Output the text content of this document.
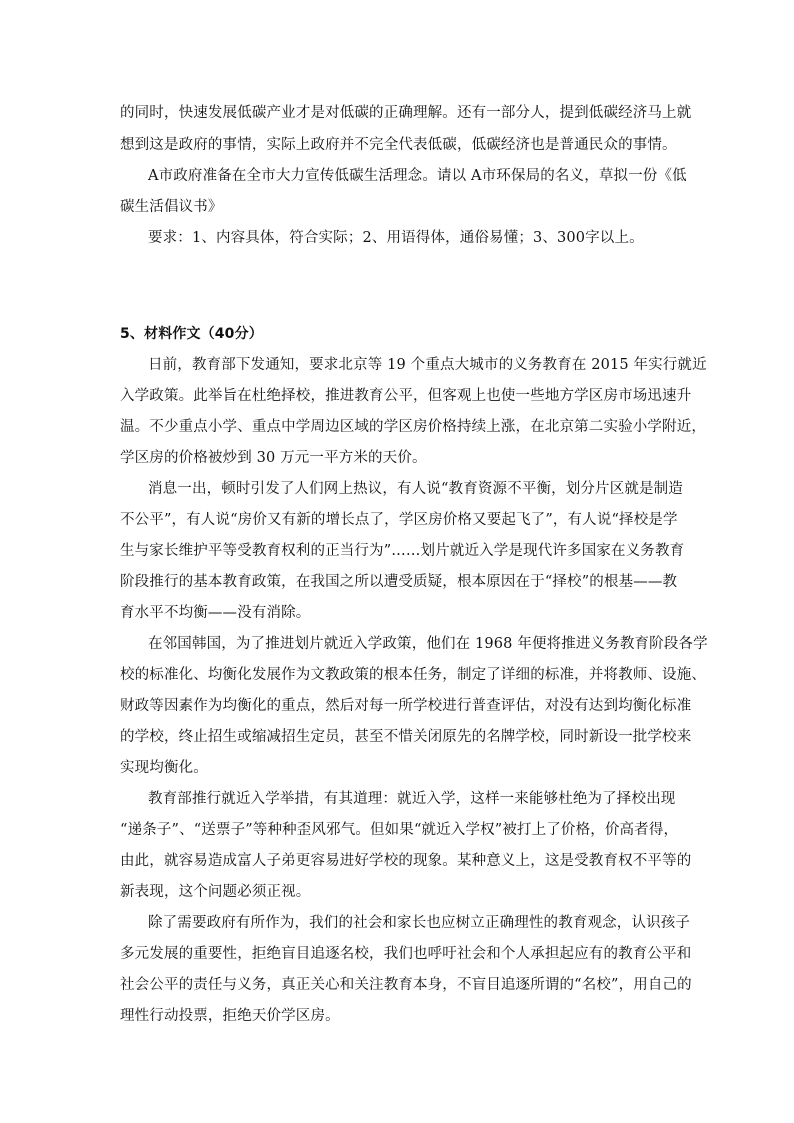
的同时，快速发展低碳产业才是对低碳的正确理解。还有一部分人，提到低碳经济马上就
想到这是政府的事情，实际上政府并不完全代表低碳，低碳经济也是普通民众的事情。
A市政府准备在全市大力宣传低碳生活理念。请以 A市环保局的名义，草拟一份《低
碳生活倡议书》
要求：1、内容具体，符合实际；2、用语得体，通俗易懂；3、300字以上。
5、材料作文（40分）
日前，教育部下发通知，要求北京等 19 个重点大城市的义务教育在 2015 年实行就近
入学政策。此举旨在杜绝择校，推进教育公平，但客观上也使一些地方学区房市场迅速升
温。不少重点小学、重点中学周边区域的学区房价格持续上涨，在北京第二实验小学附近，
学区房的价格被炒到 30 万元一平方米的天价。
消息一出，顿时引发了人们网上热议，有人说“教育资源不平衡，划分片区就是制造
不公平”，有人说“房价又有新的增长点了，学区房价格又要起飞了”，有人说“择校是学
生与家长维护平等受教育权利的正当行为”……划片就近入学是现代许多国家在义务教育
阶段推行的基本教育政策，在我国之所以遭受质疑，根本原因在于“择校”的根基——教
育水平不均衡——没有消除。
在邻国韩国，为了推进划片就近入学政策，他们在 1968 年便将推进义务教育阶段各学
校的标准化、均衡化发展作为文教政策的根本任务，制定了详细的标准，并将教师、设施、
财政等因素作为均衡化的重点，然后对每一所学校进行普查评估，对没有达到均衡化标准
的学校，终止招生或缩减招生定员，甚至不惜关闭原先的名牌学校，同时新设一批学校来
实现均衡化。
教育部推行就近入学举措，有其道理：就近入学，这样一来能够杜绝为了择校出现
“递条子”、“送票子”等种种歪风邪气。但如果“就近入学权”被打上了价格，价高者得，
由此，就容易造成富人子弟更容易进好学校的现象。某种意义上，这是受教育权不平等的
新表现，这个问题必须正视。
除了需要政府有所作为，我们的社会和家长也应树立正确理性的教育观念，认识孩子
多元发展的重要性，拒绝盲目追逐名校，我们也呼吁社会和个人承担起应有的教育公平和
社会公平的责任与义务，真正关心和关注教育本身，不盲目追逐所谓的“名校”，用自己的
理性行动投票，拒绝天价学区房。
